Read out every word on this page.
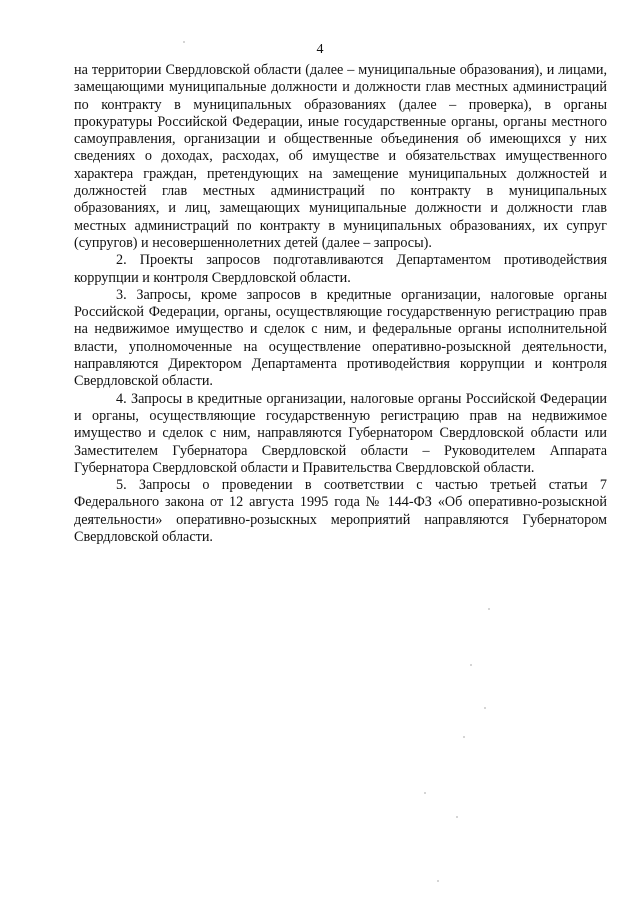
4

на территории Свердловской области (далее – муниципальные образования), и лицами, замещающими муниципальные должности и должности глав местных администраций по контракту в муниципальных образованиях (далее – проверка), в органы прокуратуры Российской Федерации, иные государственные органы, органы местного самоуправления, организации и общественные объединения об имеющихся у них сведениях о доходах, расходах, об имуществе и обязательствах имущественного характера граждан, претендующих на замещение муниципальных должностей и должностей глав местных администраций по контракту в муниципальных образованиях, и лиц, замещающих муниципальные должности и должности глав местных администраций по контракту в муниципальных образованиях, их супруг (супругов) и несовершеннолетних детей (далее – запросы).

2. Проекты запросов подготавливаются Департаментом противодействия коррупции и контроля Свердловской области.

3. Запросы, кроме запросов в кредитные организации, налоговые органы Российской Федерации, органы, осуществляющие государственную регистрацию прав на недвижимое имущество и сделок с ним, и федеральные органы исполнительной власти, уполномоченные на осуществление оперативно-розыскной деятельности, направляются Директором Департамента противодействия коррупции и контроля Свердловской области.

4. Запросы в кредитные организации, налоговые органы Российской Федерации и органы, осуществляющие государственную регистрацию прав на недвижимое имущество и сделок с ним, направляются Губернатором Свердловской области или Заместителем Губернатора Свердловской области – Руководителем Аппарата Губернатора Свердловской области и Правительства Свердловской области.

5. Запросы о проведении в соответствии с частью третьей статьи 7 Федерального закона от 12 августа 1995 года № 144-ФЗ «Об оперативно-розыскной деятельности» оперативно-розыскных мероприятий направляются Губернатором Свердловской области.
